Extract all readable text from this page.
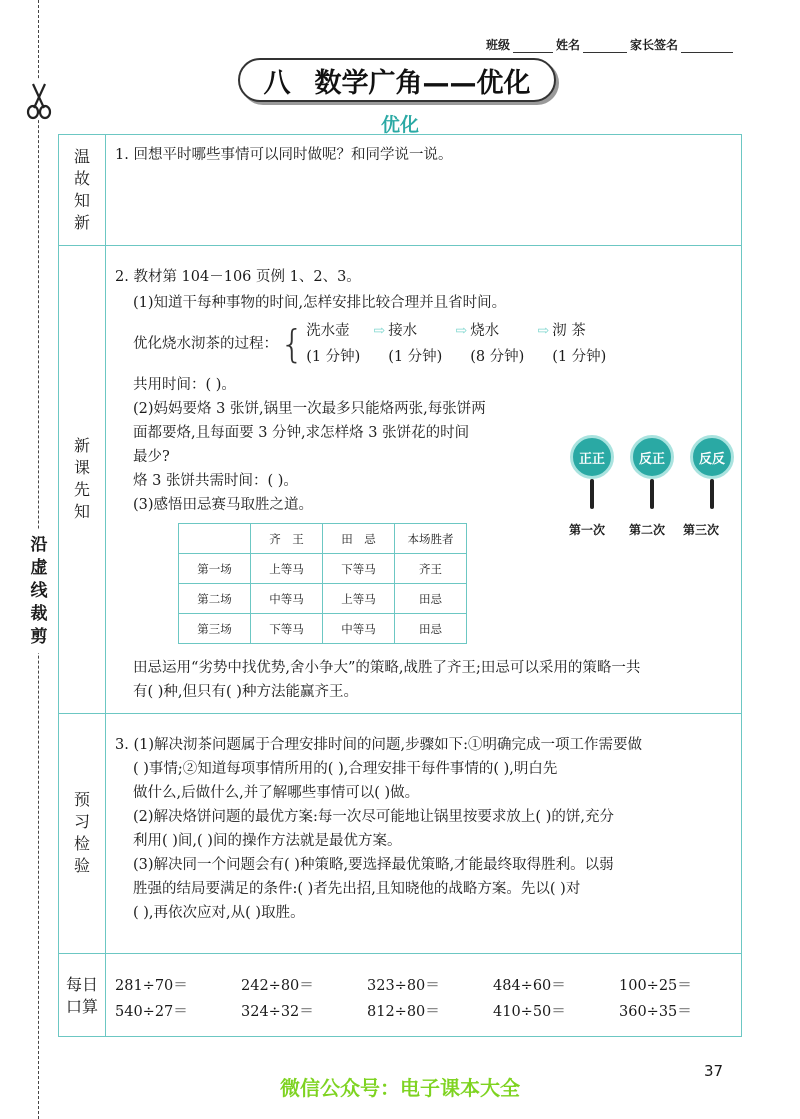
沿虚线裁剪
班级	姓名	家长签名
八 数学广角——优化
优化
温故知新
新课先知
预习检验
每日口算
1. 回想平时哪些事情可以同时做呢？和同学说一说。
2. 教材第 104－106 页例 1、2、3。
(1)知道干每种事物的时间,怎样安排比较合理并且省时间。
优化烧水沏茶的过程： { 洗水壶	⇨ 接水	⇨ 烧水	⇨ 沏 茶
(1 分钟)	(1 分钟)	(8 分钟)	(1 分钟)
共用时间：( )。
(2)妈妈要烙 3 张饼,锅里一次最多只能烙两张,每张饼两
面都要烙,且每面要 3 分钟,求怎样烙 3 张饼花的时间
最少?
烙 3 张饼共需时间：( )。
(3)感悟田忌赛马取胜之道。
	齐　王	田　忌	本场胜者
第一场	上等马	下等马	齐王
第二场	中等马	上等马	田忌
第三场	下等马	中等马	田忌
田忌运用“劣势中找优势,舍小争大”的策略,战胜了齐王;田忌可以采用的策略一共
有( )种,但只有( )种方法能赢齐王。
正正	反正	反反
第一次 第二次 第三次
3. (1)解决沏茶问题属于合理安排时间的问题,步骤如下:①明确完成一项工作需要做
( )事情;②知道每项事情所用的( ),合理安排干每件事情的( ),明白先
做什么,后做什么,并了解哪些事情可以( )做。
(2)解决烙饼问题的最优方案:每一次尽可能地让锅里按要求放上( )的饼,充分
利用( )间,( )间的操作方法就是最优方案。
(3)解决同一个问题会有( )种策略,要选择最优策略,才能最终取得胜利。以弱
胜强的结局要满足的条件:( )者先出招,且知晓他的战略方案。先以( )对
( ),再依次应对,从( )取胜。
281÷70＝	242÷80＝	323÷80＝	484÷60＝	100÷25＝
540÷27＝	324÷32＝	812÷80＝	410÷50＝	360÷35＝
37
微信公众号：电子课本大全
